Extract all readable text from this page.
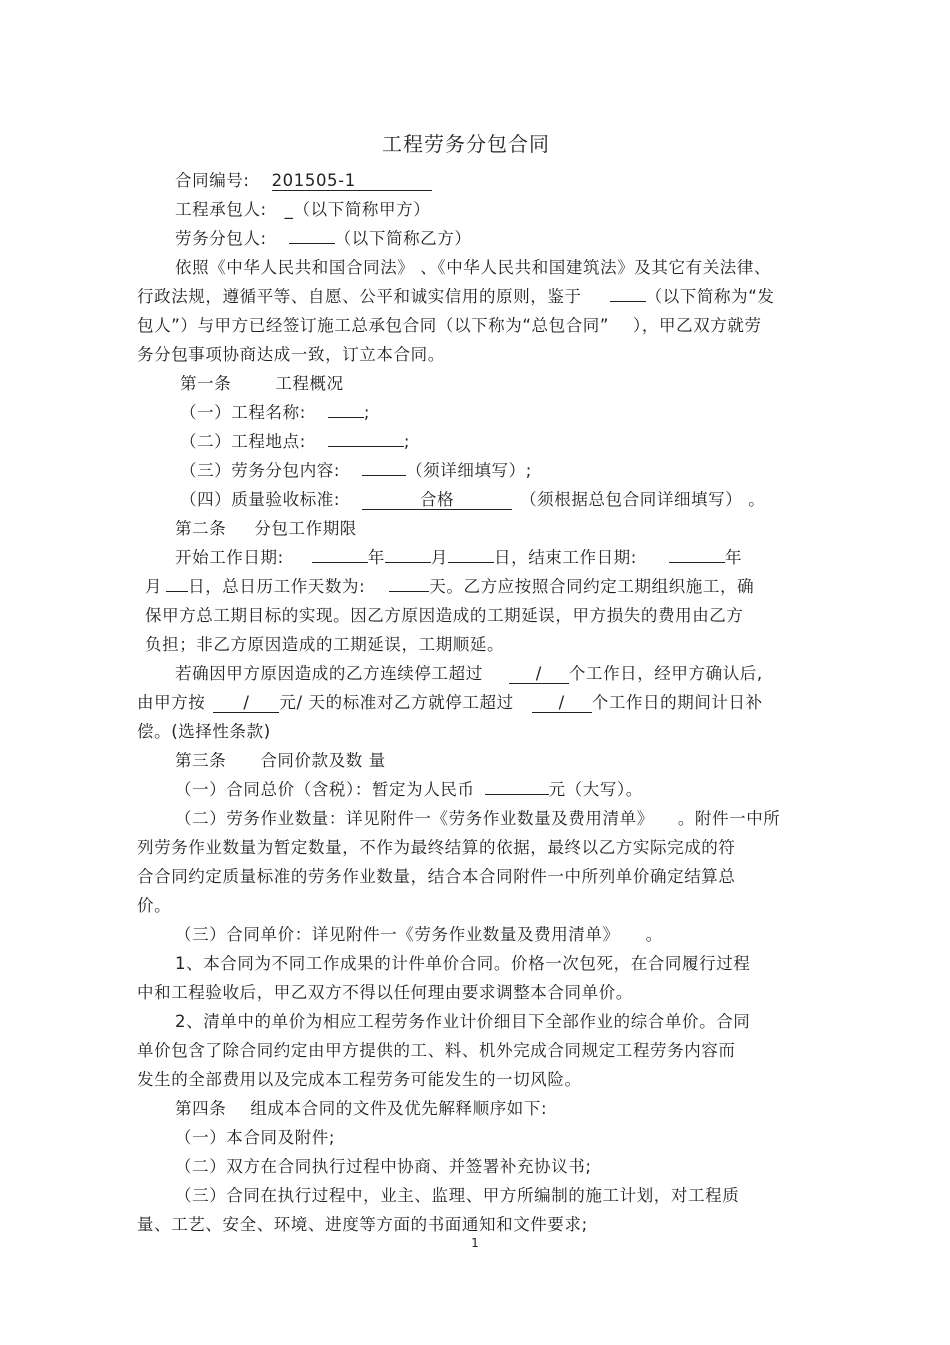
工程劳务分包合同
合同编号: 201505-1
工程承包人: _（以下简称甲方）
劳务分包人:	（以下简称乙方）
依照《中华人民共和国合同法》 、《中华人民共和国建筑法》及其它有关法律、
行政法规，遵循平等、自愿、公平和诚实信用的原则，鉴于	（以下简称为“发
包人”）与甲方已经签订施工总承包合同（以下称为“总包合同” ），甲乙双方就劳
务分包事项协商达成一致，订立本合同。
第一条	工程概况
（一）工程名称:	;
（二）工程地点:	;
（三）劳务分包内容:	（须详细填写）;
（四）质量验收标准:	合格	（须根据总包合同详细填写） 。
第二条 分包工作期限
开始工作日期:	年	月	日，结束工作日期:	年
月 日，总日历工作天数为:	天。乙方应按照合同约定工期组织施工，确
保甲方总工期目标的实现。因乙方原因造成的工期延误，甲方损失的费用由乙方
负担；非乙方原因造成的工期延误，工期顺延。
若确因甲方原因造成的乙方连续停工超过	/ 个工作日，经甲方确认后,
由甲方按 / 元/ 天的标准对乙方就停工超过	/ 个工作日的期间计日补
偿。(选择性条款)
第三条 合同价款及数 量
（一）合同总价（含税）：暂定为人民币	元（大写）。
（二）劳务作业数量：详见附件一《劳务作业数量及费用清单》 。附件一中所
列劳务作业数量为暂定数量，不作为最终结算的依据，最终以乙方实际完成的符
合合同约定质量标准的劳务作业数量，结合本合同附件一中所列单价确定结算总
价。
（三）合同单价：详见附件一《劳务作业数量及费用清单》 。
1、本合同为不同工作成果的计件单价合同。价格一次包死，在合同履行过程
中和工程验收后，甲乙双方不得以任何理由要求调整本合同单价。
2、清单中的单价为相应工程劳务作业计价细目下全部作业的综合单价。合同
单价包含了除合同约定由甲方提供的工、料、机外完成合同规定工程劳务内容而
发生的全部费用以及完成本工程劳务可能发生的一切风险。
第四条 组成本合同的文件及优先解释顺序如下:
（一）本合同及附件;
（二）双方在合同执行过程中协商、并签署补充协议书;
（三）合同在执行过程中，业主、监理、甲方所编制的施工计划，对工程质
量、工艺、安全、环境、进度等方面的书面通知和文件要求;
1
